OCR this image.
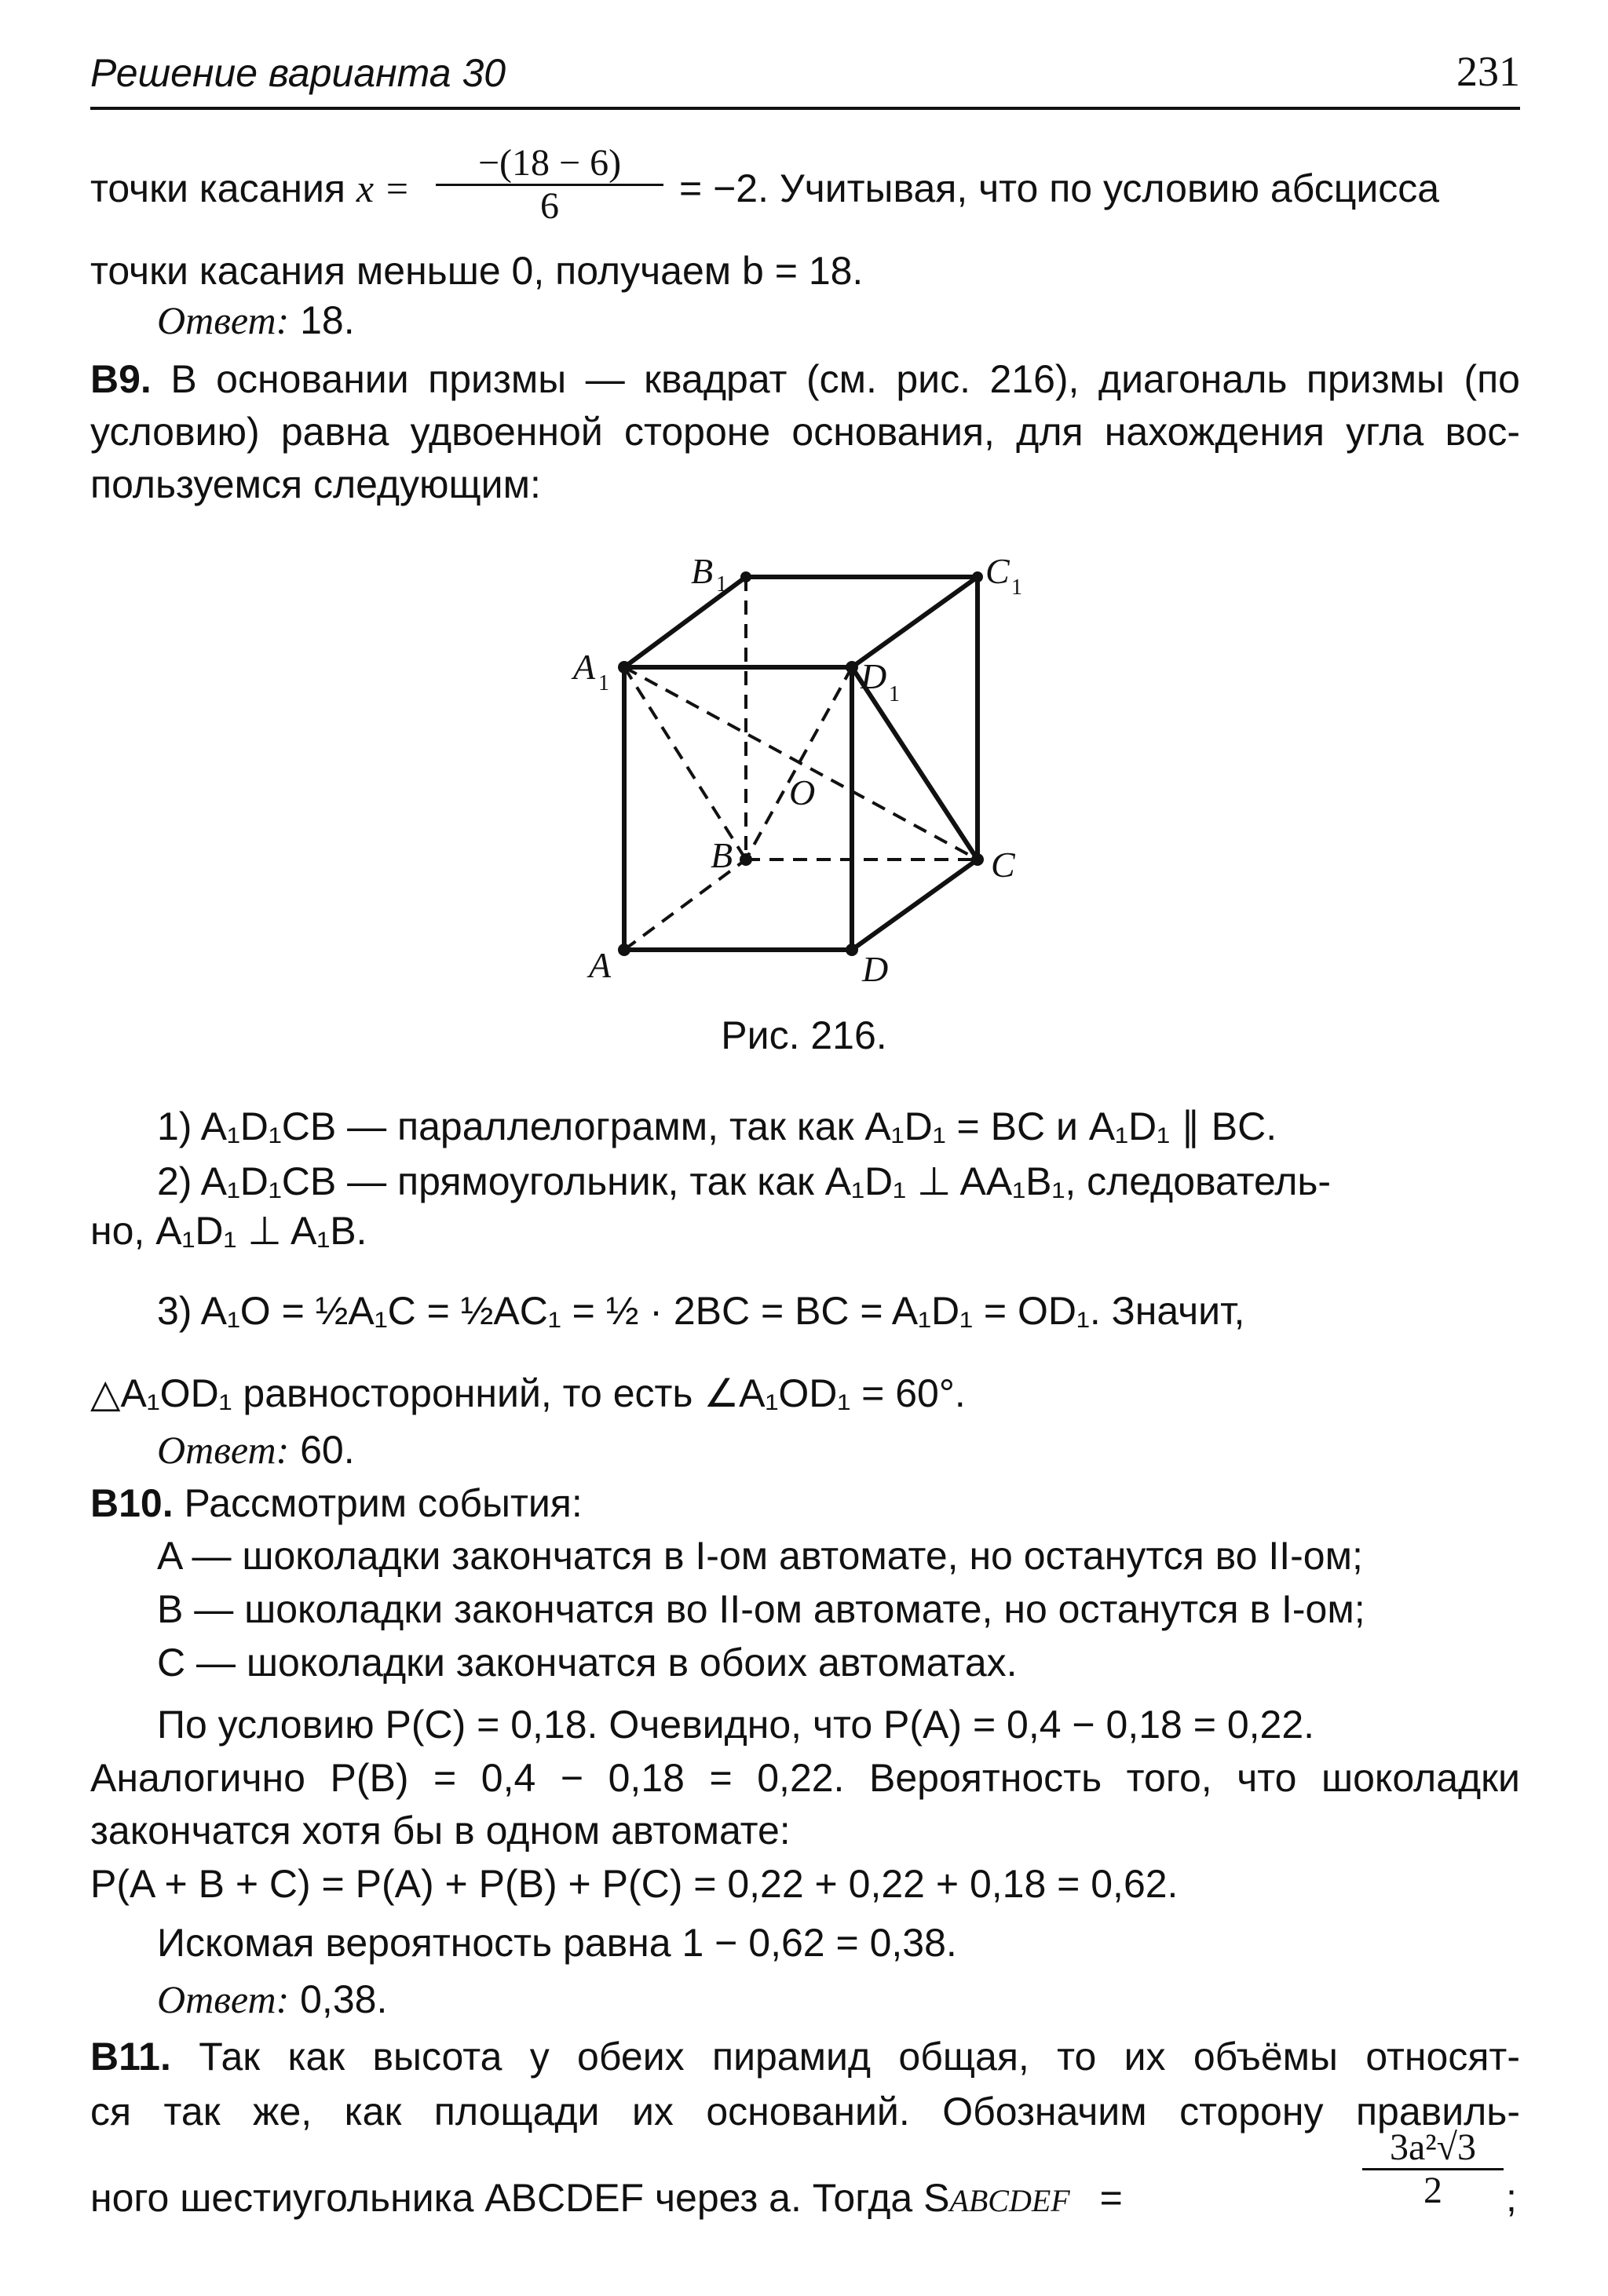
Решение варианта 30	231
точки касания $x = \frac{-(18 - 6)}{6} = -2$. Учитывая, что по условию абсцисса
точки касания меньше 0, получаем b = 18.
Ответ: 18.
B9. В основании призмы — квадрат (см. рис. 216), диагональ призмы (по
условию) равна удвоенной стороне основания, для нахождения угла вос-
пользуемся следующим:
B 1	C 1
A 1	D 1
O
B	C
A	D
Рис. 216.
1) A₁D₁CB — параллелограмм, так как A₁D₁ = BC и A₁D₁ ∥ BC.
2) A₁D₁CB — прямоугольник, так как A₁D₁ ⊥ AA₁B₁, следователь-
но, A₁D₁ ⊥ A₁B.
3) A₁O = ½A₁C = ½AC₁ = ½ · 2BC = BC = A₁D₁ = OD₁. Значит,
△A₁OD₁ равносторонний, то есть ∠A₁OD₁ = 60°.
Ответ: 60.
B10. Рассмотрим события:
A — шоколадки закончатся в I-ом автомате, но останутся во II-ом;
B — шоколадки закончатся во II-ом автомате, но останутся в I-ом;
C — шоколадки закончатся в обоих автоматах.
По условию P(C) = 0,18. Очевидно, что P(A) = 0,4 − 0,18 = 0,22.
Аналогично P(B) = 0,4 − 0,18 = 0,22. Вероятность того, что шоколадки
закончатся хотя бы в одном автомате:
P(A + B + C) = P(A) + P(B) + P(C) = 0,22 + 0,22 + 0,18 = 0,62.
Искомая вероятность равна 1 − 0,62 = 0,38.
Ответ: 0,38.
B11. Так как высота у обеих пирамид общая, то их объёмы относят-
ся так же, как площади их оснований. Обозначим сторону правиль-
ного шестиугольника ABCDEF через a. Тогда SABCDEF =	$\frac{\text{3a²√3}}{2}$ ;
